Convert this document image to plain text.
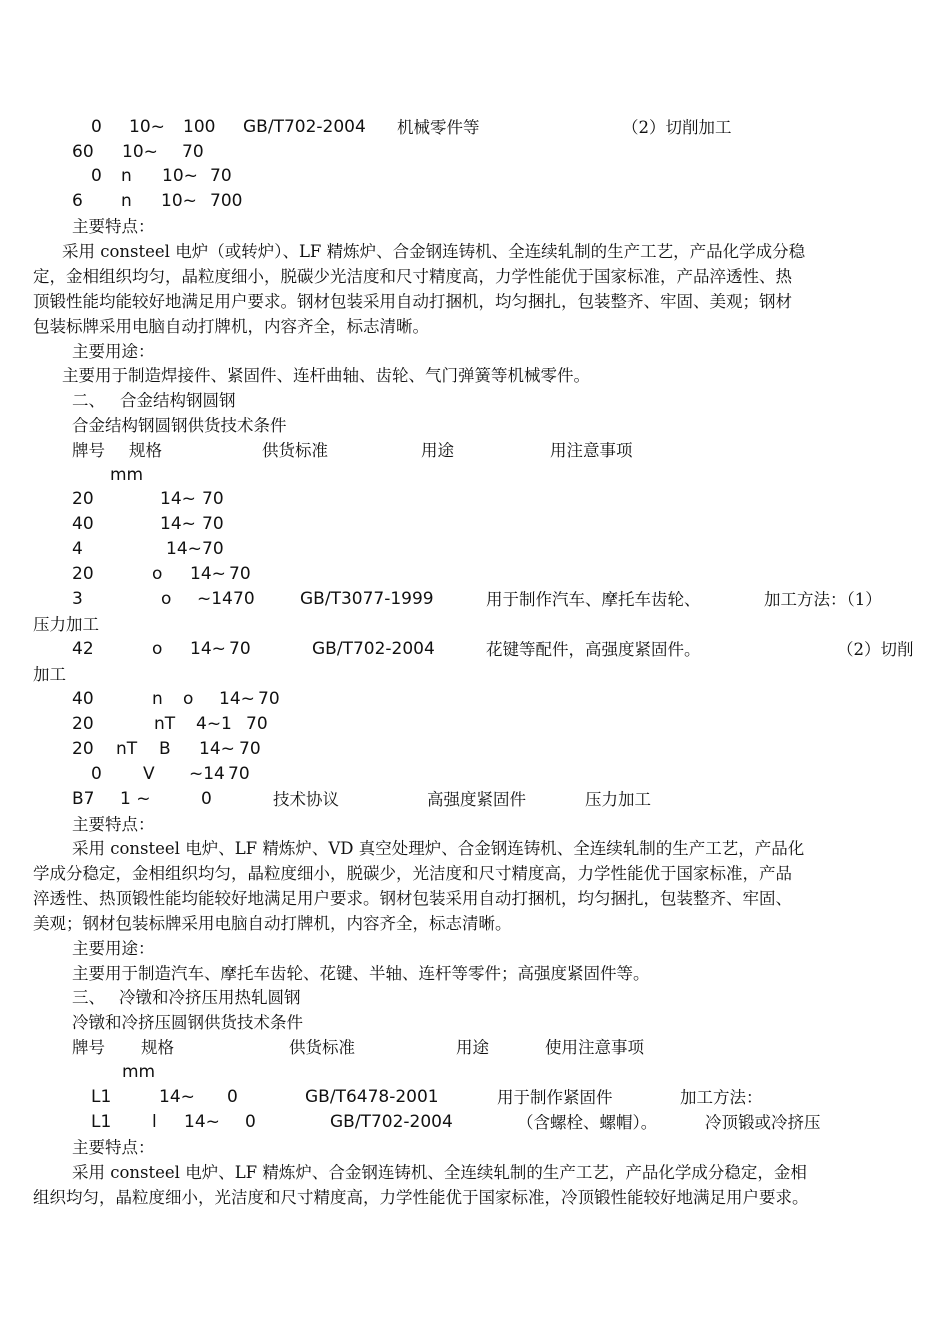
0 10~ 100 GB/T702-2004 机械零件等	（2）切削加工
60 10~ 70
0 n 10~ 70
6 n 10~ 700
主要特点：
采用 consteel 电炉（或转炉）、LF 精炼炉、合金钢连铸机、全连续轧制的生产工艺，产品化学成分稳
定，金相组织均匀，晶粒度细小，脱碳少光洁度和尺寸精度高，力学性能优于国家标准，产品淬透性、热
顶锻性能均能较好地满足用户要求。钢材包装采用自动打捆机，均匀捆扎，包装整齐、牢固、美观；钢材
包装标牌采用电脑自动打牌机，内容齐全，标志清晰。
主要用途：
主要用于制造焊接件、紧固件、连杆曲轴、齿轮、气门弹簧等机械零件。
二、 合金结构钢圆钢
合金结构钢圆钢供货技术条件
牌号 规格	供货标准	用途	用注意事项
mm
20	14~ 70
40	14~ 70
4	14~ 70
20	o 14~ 70
3	o ~14 70	GB/T3077-1999	用于制作汽车、摩托车齿轮、	加工方法：（1）
压力加工
42	o 14~ 70	GB/T702-2004	花键等配件，高强度紧固件。	（2）切削
加工
40	n o 14~ 70
20	nT 4~1 70
20 nT B 14~ 70
0 V ~14 70
B7 1 ~	0	技术协议	高强度紧固件	压力加工
主要特点：
采用 consteel 电炉、LF 精炼炉、VD 真空处理炉、合金钢连铸机、全连续轧制的生产工艺，产品化
学成分稳定，金相组织均匀，晶粒度细小，脱碳少，光洁度和尺寸精度高，力学性能优于国家标准，产品
淬透性、热顶锻性能均能较好地满足用户要求。钢材包装采用自动打捆机，均匀捆扎，包装整齐、牢固、
美观；钢材包装标牌采用电脑自动打牌机，内容齐全，标志清晰。
主要用途：
主要用于制造汽车、摩托车齿轮、花键、半轴、连杆等零件；高强度紧固件等。
三、 冷镦和冷挤压用热轧圆钢
冷镦和冷挤压圆钢供货技术条件
牌号 规格	供货标准	用途	使用注意事项
mm
L1	14~ 0	GB/T6478-2001	用于制作紧固件	加工方法：
L1 l 14~ 0	GB/T702-2004	（含螺栓、螺帽）。	冷顶锻或冷挤压
主要特点：
采用 consteel 电炉、LF 精炼炉、合金钢连铸机、全连续轧制的生产工艺，产品化学成分稳定，金相
组织均匀，晶粒度细小，光洁度和尺寸精度高，力学性能优于国家标准，冷顶锻性能较好地满足用户要求。
